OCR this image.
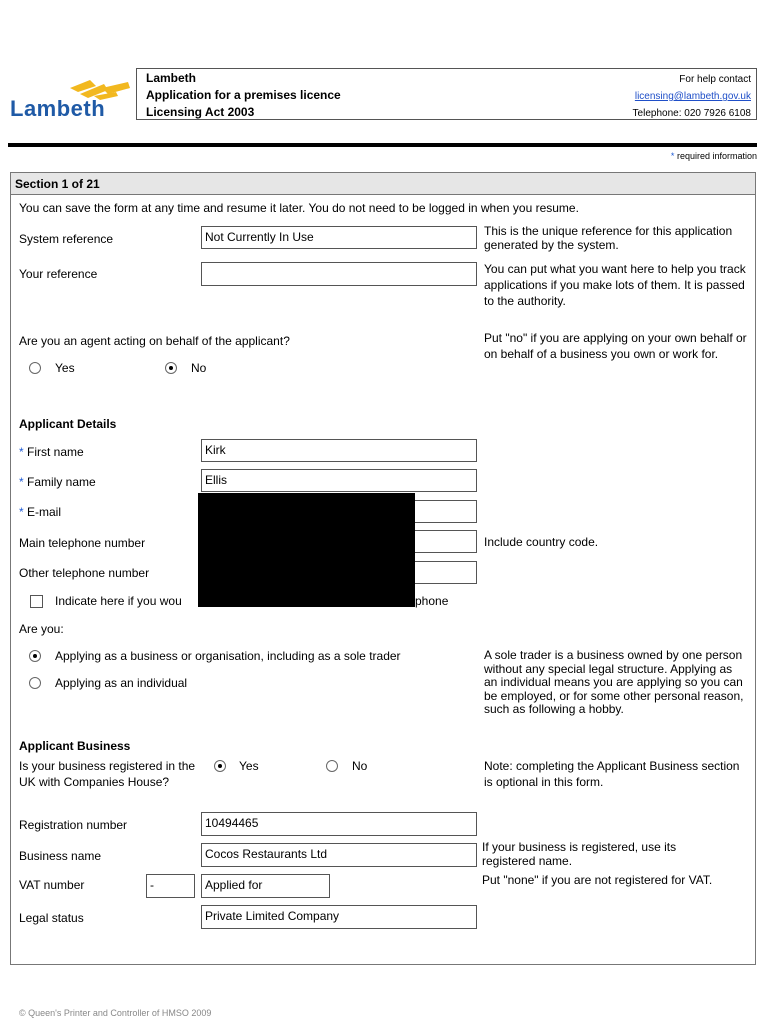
Lambeth
Lambeth
Application for a premises licence
Licensing Act 2003
For help contact
licensing@lambeth.gov.uk
Telephone: 020 7926 6108
* required information
Section 1 of 21
You can save the form at any time and resume it later. You do not need to be logged in when you resume.
System reference	Not Currently In Use	This is the unique reference for this application generated by the system.
Your reference	You can put what you want here to help you track applications if you make lots of them. It is passed to the authority.
Are you an agent acting on behalf of the applicant?
Yes	No
Put "no" if you are applying on your own behalf or on behalf of a business you own or work for.
Applicant Details
* First name	Kirk
* Family name	Ellis
* E-mail
Main telephone number	Include country code.
Other telephone number
Indicate here if you wou	phone
Are you:
Applying as a business or organisation, including as a sole trader
Applying as an individual
A sole trader is a business owned by one person without any special legal structure. Applying as an individual means you are applying so you can be employed, or for some other personal reason, such as following a hobby.
Applicant Business
Is your business registered in the UK with Companies House?
Yes	No	Note: completing the Applicant Business section is optional in this form.
Registration number	10494465
Business name	Cocos Restaurants Ltd	If your business is registered, use its registered name.
VAT number	-	Applied for	Put "none" if you are not registered for VAT.
Legal status	Private Limited Company
© Queen's Printer and Controller of HMSO 2009
